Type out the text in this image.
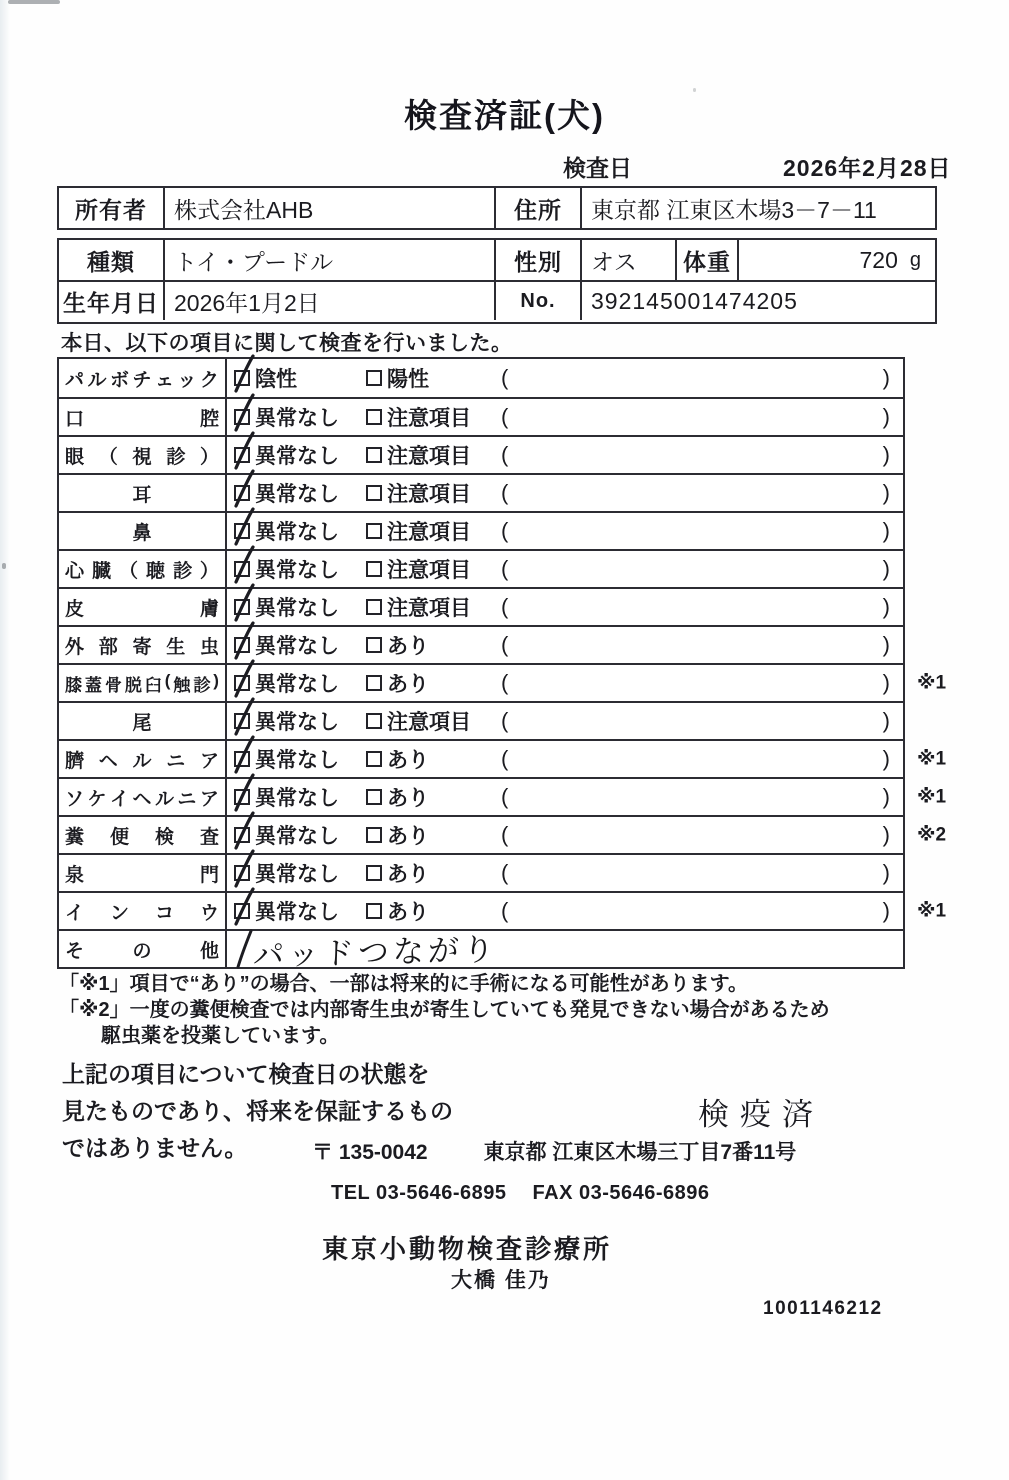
検査済証(犬)
検査日	2026年2月28日
所有者	株式会社AHB	住所	東京都 江東区木場3－7－11
種類	トイ・プードル	性別	オス	体重	720 g
生年月日 2026年1月2日	No.	392145001474205
本日、以下の項目に関して検査を行いました。
パ ル ボ チ ェ ッ ク 陰性	陽性	(	)
口	腔 異常なし 注意項目 (	)
眼 （ 視 診 ） 異常なし 注意項目 (	)
耳	異常なし 注意項目 (	)
鼻	異常なし 注意項目 (	)
心 臓 （ 聴 診 ） 異常なし 注意項目 (	)
皮	膚 異常なし 注意項目 (	)
外 部 寄 生 虫 異常なし あり	(	)
膝 蓋 骨 脱 臼 ( 触 診 ) 異常なし あり	(	) ※1
尾	異常なし 注意項目 (	)
臍 ヘ ル ニ ア 異常なし あり	(	) ※1
ソ ケ イ ヘ ル ニ ア 異常なし あり	(	) ※1
糞 便 検 査 異常なし あり	(	) ※2
泉	門 異常なし あり	(	)
イ ン コ ウ 異常なし あり	(	) ※1
そ	の	他 パッドつながり
「※1」項目で“あり”の場合、一部は将来的に手術になる可能性があります。
「※2」一度の糞便検査では内部寄生虫が寄生していても発見できない場合があるため
駆虫薬を投薬しています。
上記の項目について検査日の状態を
見たものであり、将来を保証するもの
ではありません。
検疫済
〒 135-0042	東京都 江東区木場三丁目7番11号
TEL 03-5646-6895 FAX 03-5646-6896
東京小動物検査診療所
大橋 佳乃
1001146212
